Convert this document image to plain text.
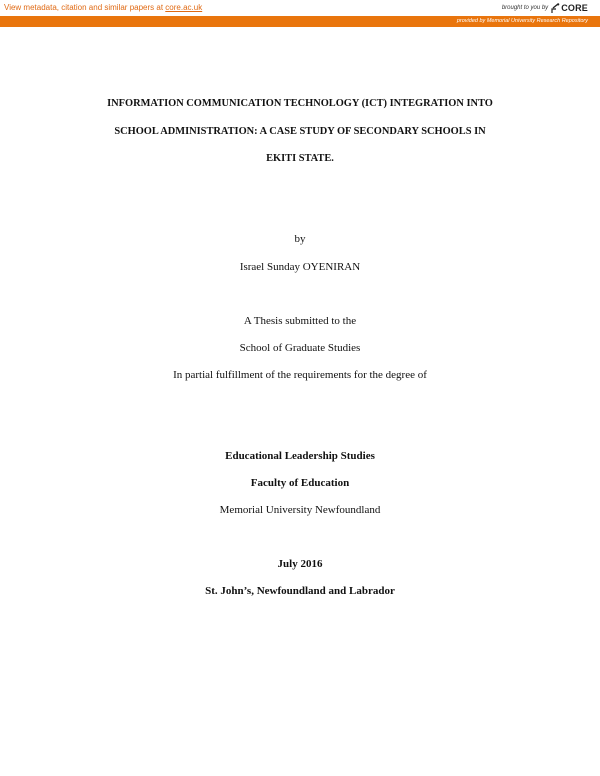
View metadata, citation and similar papers at core.ac.uk	brought to you by CORE
provided by Memorial University Research Repository
INFORMATION COMMUNICATION TECHNOLOGY (ICT) INTEGRATION INTO
SCHOOL ADMINISTRATION: A CASE STUDY OF SECONDARY SCHOOLS IN
EKITI STATE.
by
Israel Sunday OYENIRAN
A Thesis submitted to the
School of Graduate Studies
In partial fulfillment of the requirements for the degree of
Educational Leadership Studies
Faculty of Education
Memorial University Newfoundland
July 2016
St. John’s, Newfoundland and Labrador
